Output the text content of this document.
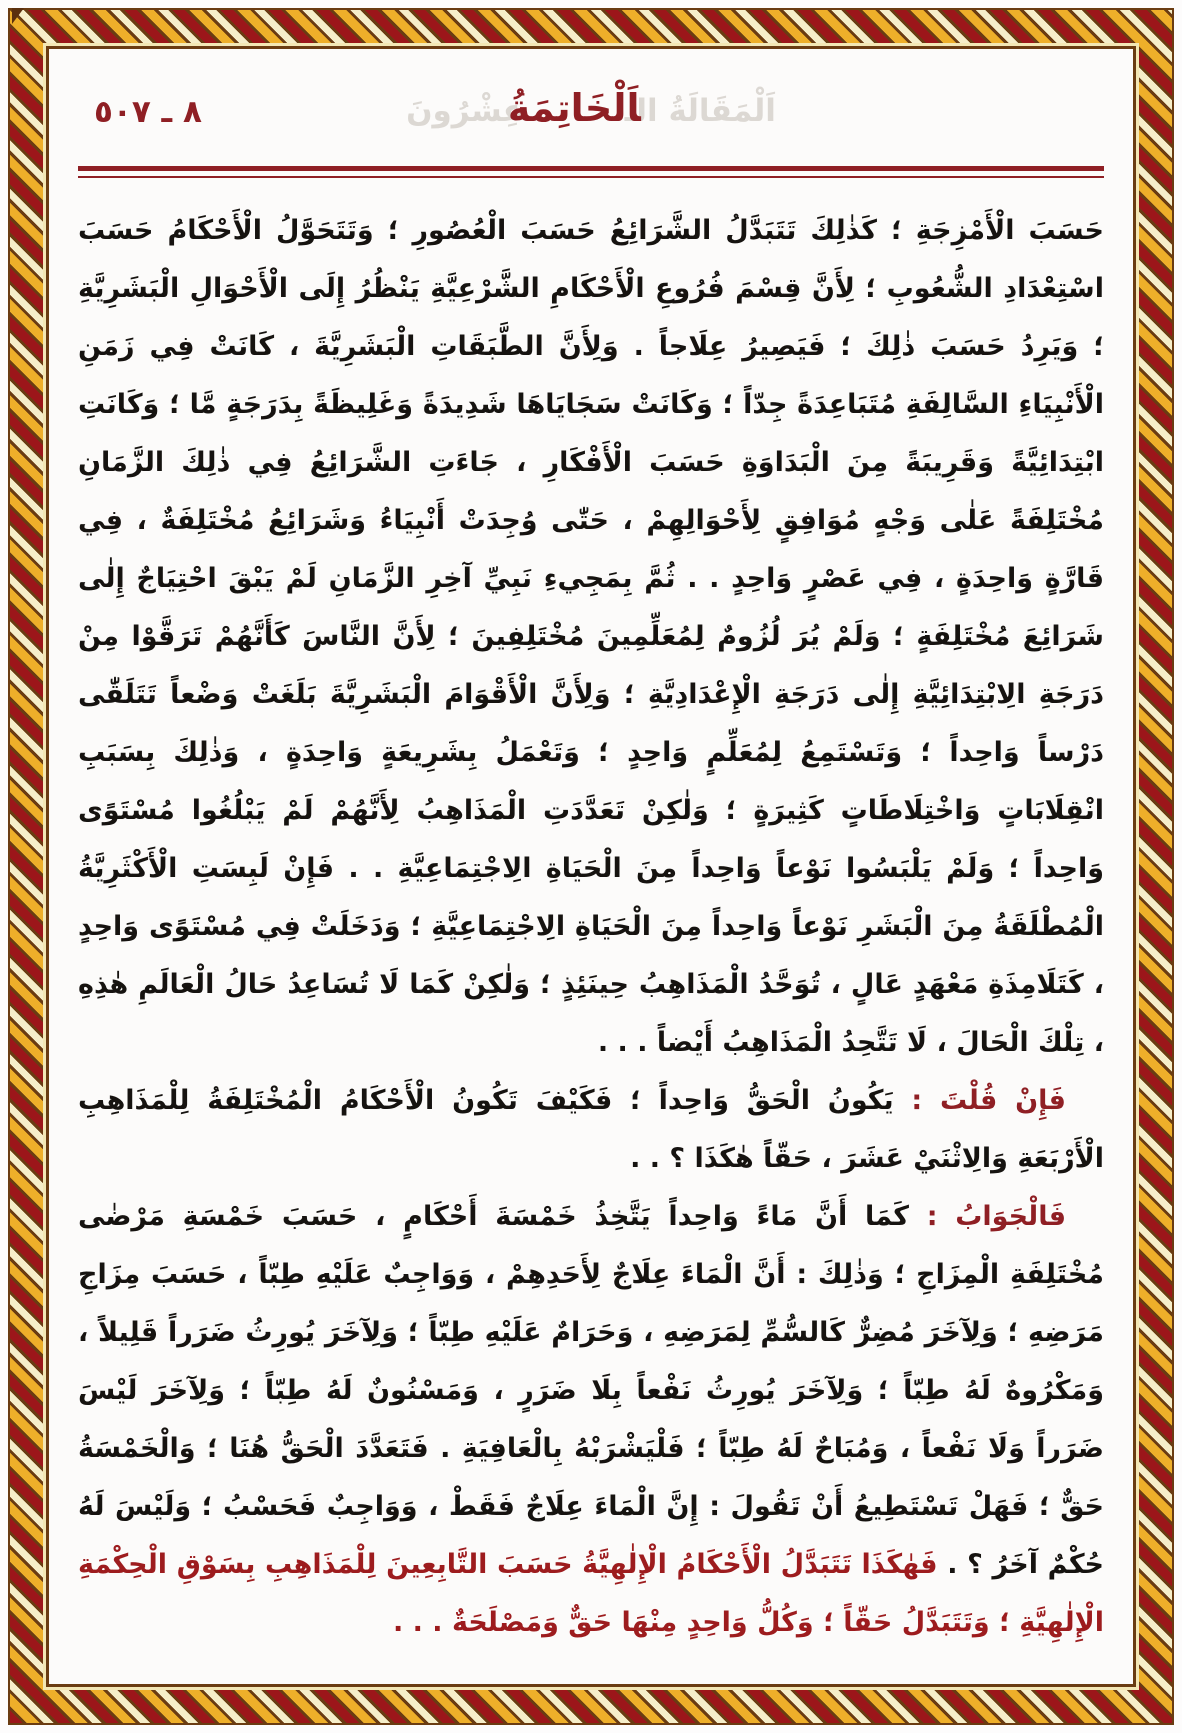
٨ ـ ٥٠٧	اَلْمَقَالَةُ الـاَلْخَاتِمَةُعِشْرُونَ

حَسَبَ الْأَمْزِجَةِ ؛ كَذٰلِكَ تَتَبَدَّلُ الشَّرَائِعُ حَسَبَ الْعُصُورِ ؛ وَتَتَحَوَّلُ الْأَحْكَامُ حَسَبَ اسْتِعْدَادِ الشُّعُوبِ ؛ لِأَنَّ قِسْمَ فُرُوعِ الْأَحْكَامِ الشَّرْعِيَّةِ يَنْظُرُ إِلَى الْأَحْوَالِ الْبَشَرِيَّةِ ؛ وَيَرِدُ حَسَبَ ذٰلِكَ ؛ فَيَصِيرُ عِلَاجاً . وَلِأَنَّ الطَّبَقَاتِ الْبَشَرِيَّةَ ، كَانَتْ فِي زَمَنِ الْأَنْبِيَاءِ السَّالِفَةِ مُتَبَاعِدَةً جِدّاً ؛ وَكَانَتْ سَجَايَاهَا شَدِيدَةً وَغَلِيظَةً بِدَرَجَةٍ مَّا ؛ وَكَانَتِ ابْتِدَائِيَّةً وَقَرِيبَةً مِنَ الْبَدَاوَةِ حَسَبَ الْأَفْكَارِ ، جَاءَتِ الشَّرَائِعُ فِي ذٰلِكَ الزَّمَانِ مُخْتَلِفَةً عَلٰى وَجْهٍ مُوَافِقٍ لِأَحْوَالِهِمْ ، حَتّٰى وُجِدَتْ أَنْبِيَاءُ وَشَرَائِعُ مُخْتَلِفَةٌ ، فِي قَارَّةٍ وَاحِدَةٍ ، فِي عَصْرٍ وَاحِدٍ . . ثُمَّ بِمَجِيءِ نَبِيِّ آخِرِ الزَّمَانِ لَمْ يَبْقَ احْتِيَاجٌ إِلٰى شَرَائِعَ مُخْتَلِفَةٍ ؛ وَلَمْ يُرَ لُزُومٌ لِمُعَلِّمِينَ مُخْتَلِفِينَ ؛ لِأَنَّ النَّاسَ كَأَنَّهُمْ تَرَقَّوْا مِنْ دَرَجَةِ الِابْتِدَائِيَّةِ إِلٰى دَرَجَةِ الْإِعْدَادِيَّةِ ؛ وَلِأَنَّ الْأَقْوَامَ الْبَشَرِيَّةَ بَلَغَتْ وَضْعاً تَتَلَقّٰى دَرْساً وَاحِداً ؛ وَتَسْتَمِعُ لِمُعَلِّمٍ وَاحِدٍ ؛ وَتَعْمَلُ بِشَرِيعَةٍ وَاحِدَةٍ ، وَذٰلِكَ بِسَبَبِ انْقِلَابَاتٍ وَاخْتِلَاطَاتٍ كَثِيرَةٍ ؛ وَلٰكِنْ تَعَدَّدَتِ الْمَذَاهِبُ لِأَنَّهُمْ لَمْ يَبْلُغُوا مُسْتَوًى وَاحِداً ؛ وَلَمْ يَلْبَسُوا نَوْعاً وَاحِداً مِنَ الْحَيَاةِ الِاجْتِمَاعِيَّةِ . . فَإِنْ لَبِسَتِ الْأَكْثَرِيَّةُ الْمُطْلَقَةُ مِنَ الْبَشَرِ نَوْعاً وَاحِداً مِنَ الْحَيَاةِ الِاجْتِمَاعِيَّةِ ؛ وَدَخَلَتْ فِي مُسْتَوًى وَاحِدٍ ، كَتَلَامِذَةِ مَعْهَدٍ عَالٍ ، تُوَحَّدُ الْمَذَاهِبُ حِينَئِذٍ ؛ وَلٰكِنْ كَمَا لَا تُسَاعِدُ حَالُ الْعَالَمِ هٰذِهِ ، تِلْكَ الْحَالَ ، لَا تَتَّحِدُ الْمَذَاهِبُ أَيْضاً . . .

فَإِنْ قُلْتَ : يَكُونُ الْحَقُّ وَاحِداً ؛ فَكَيْفَ تَكُونُ الْأَحْكَامُ الْمُخْتَلِفَةُ لِلْمَذَاهِبِ الْأَرْبَعَةِ وَالِاثْنَيْ عَشَرَ ، حَقّاً هٰكَذَا ؟ . .

فَالْجَوَابُ : كَمَا أَنَّ مَاءً وَاحِداً يَتَّخِذُ خَمْسَةَ أَحْكَامٍ ، حَسَبَ خَمْسَةِ مَرْضٰى مُخْتَلِفَةِ الْمِزَاجِ ؛ وَذٰلِكَ : أَنَّ الْمَاءَ عِلَاجٌ لِأَحَدِهِمْ ، وَوَاجِبٌ عَلَيْهِ طِبّاً ، حَسَبَ مِزَاجِ مَرَضِهِ ؛ وَلِآخَرَ مُضِرٌّ كَالسُّمِّ لِمَرَضِهِ ، وَحَرَامٌ عَلَيْهِ طِبّاً ؛ وَلِآخَرَ يُورِثُ ضَرَراً قَلِيلاً ، وَمَكْرُوهٌ لَهُ طِبّاً ؛ وَلِآخَرَ يُورِثُ نَفْعاً بِلَا ضَرَرٍ ، وَمَسْنُونٌ لَهُ طِبّاً ؛ وَلِآخَرَ لَيْسَ ضَرَراً وَلَا نَفْعاً ، وَمُبَاحٌ لَهُ طِبّاً ؛ فَلْيَشْرَبْهُ بِالْعَافِيَةِ . فَتَعَدَّدَ الْحَقُّ هُنَا ؛ وَالْخَمْسَةُ حَقٌّ ؛ فَهَلْ تَسْتَطِيعُ أَنْ تَقُولَ : إِنَّ الْمَاءَ عِلَاجٌ فَقَطْ ، وَوَاجِبٌ فَحَسْبُ ؛ وَلَيْسَ لَهُ حُكْمٌ آخَرُ ؟ . فَهٰكَذَا تَتَبَدَّلُ الْأَحْكَامُ الْإِلٰهِيَّةُ حَسَبَ التَّابِعِينَ لِلْمَذَاهِبِ بِسَوْقِ الْحِكْمَةِ الْإِلٰهِيَّةِ ؛ وَتَتَبَدَّلُ حَقّاً ؛ وَكُلُّ وَاحِدٍ مِنْهَا حَقٌّ وَمَصْلَحَةٌ . . .
